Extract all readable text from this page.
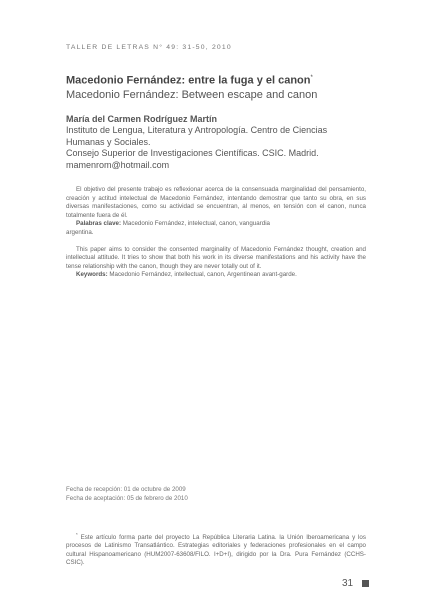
TALLER DE LETRAS N° 49: 31-50, 2010
Macedonio Fernández: entre la fuga y el canon*
Macedonio Fernández: Between escape and canon
María del Carmen Rodríguez Martín
Instituto de Lengua, Literatura y Antropología. Centro de Ciencias
Humanas y Sociales.
Consejo Superior de Investigaciones Científicas. CSIC. Madrid.
mamenrom@hotmail.com

El objetivo del presente trabajo es reflexionar acerca de la consensuada marginalidad del pensamiento, creación y actitud intelectual de Macedonio Fernández, intentando demostrar que tanto su obra, en sus diversas manifestaciones, como su actividad se encuentran, al menos, en tensión con el canon, nunca totalmente fuera de él.

Palabras clave: Macedonio Fernández, intelectual, canon, vanguardia
argentina.

This paper aims to consider the consented marginality of Macedonio Fernández thought, creation and intellectual attitude. It tries to show that both his work in its diverse manifestations and his activity have the tense relationship with the canon, though they are never totally out of it.

Keywords: Macedonio Fernández, intellectual, canon, Argentinean avant-garde.

Fecha de recepción: 01 de octubre de 2009
Fecha de aceptación: 05 de febrero de 2010

* Este artículo forma parte del proyecto La República Literaria Latina. la Unión Iberoamericana y los procesos de Latinismo Transatlántico. Estrategias editoriales y federaciones profesionales en el campo cultural Hispanoamericano (HUM2007-63608/FILO. I+D+I), dirigido por la Dra. Pura Fernández (CCHS-CSIC).

31
